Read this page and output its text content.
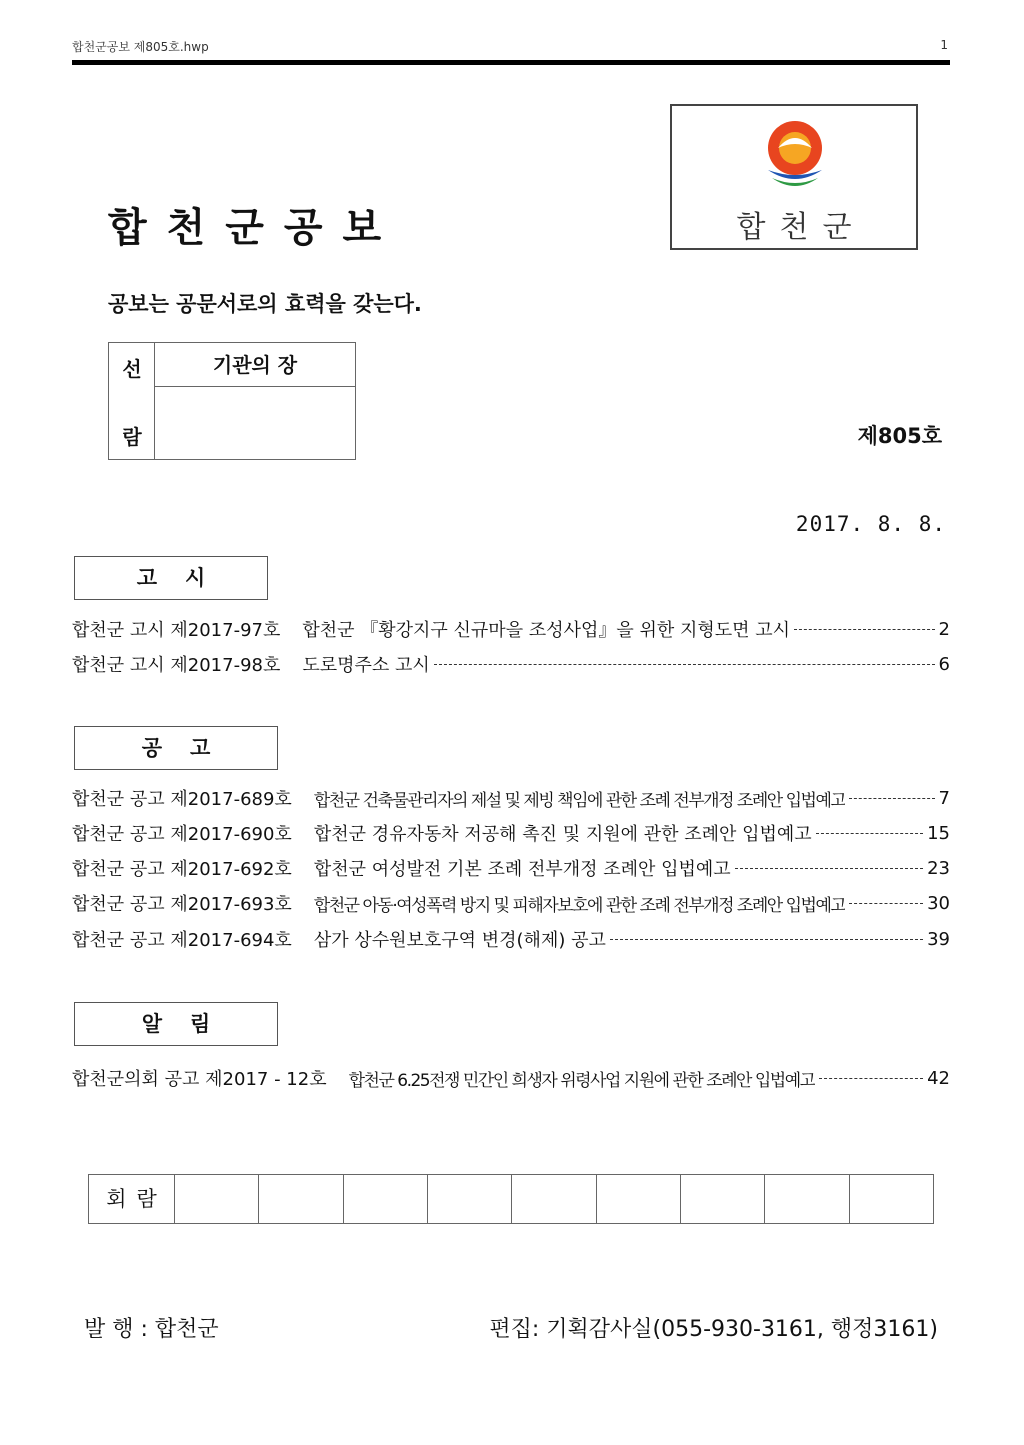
합천군공보 제805호.hwp	1
합천군
합천군공보
공보는 공문서로의 효력을 갖는다.
선
람
기관의 장
제805호
2017. 8. 8.
고시
합천군 고시 제2017-97호 합천군 『황강지구 신규마을 조성사업』을 위한 지형도면 고시	2
합천군 고시 제2017-98호 도로명주소 고시	6
공고
합천군 공고 제2017-689호 합천군 건축물관리자의 제설 및 제빙 책임에 관한 조례 전부개정 조례안 입법예고	7
합천군 공고 제2017-690호 합천군 경유자동차 저공해 촉진 및 지원에 관한 조례안 입법예고	15
합천군 공고 제2017-692호 합천군 여성발전 기본 조례 전부개정 조례안 입법예고	23
합천군 공고 제2017-693호 합천군 아동·여성폭력 방지 및 피해자보호에 관한 조례 전부개정 조례안 입법예고	30
합천군 공고 제2017-694호 삼가 상수원보호구역 변경(해제) 공고	39
알림
합천군의회 공고 제2017 - 12호 합천군 6.25전쟁 민간인 희생자 위령사업 지원에 관한 조례안 입법예고	42
회람
발 행 : 합천군	편집: 기획감사실(055-930-3161, 행정3161)
